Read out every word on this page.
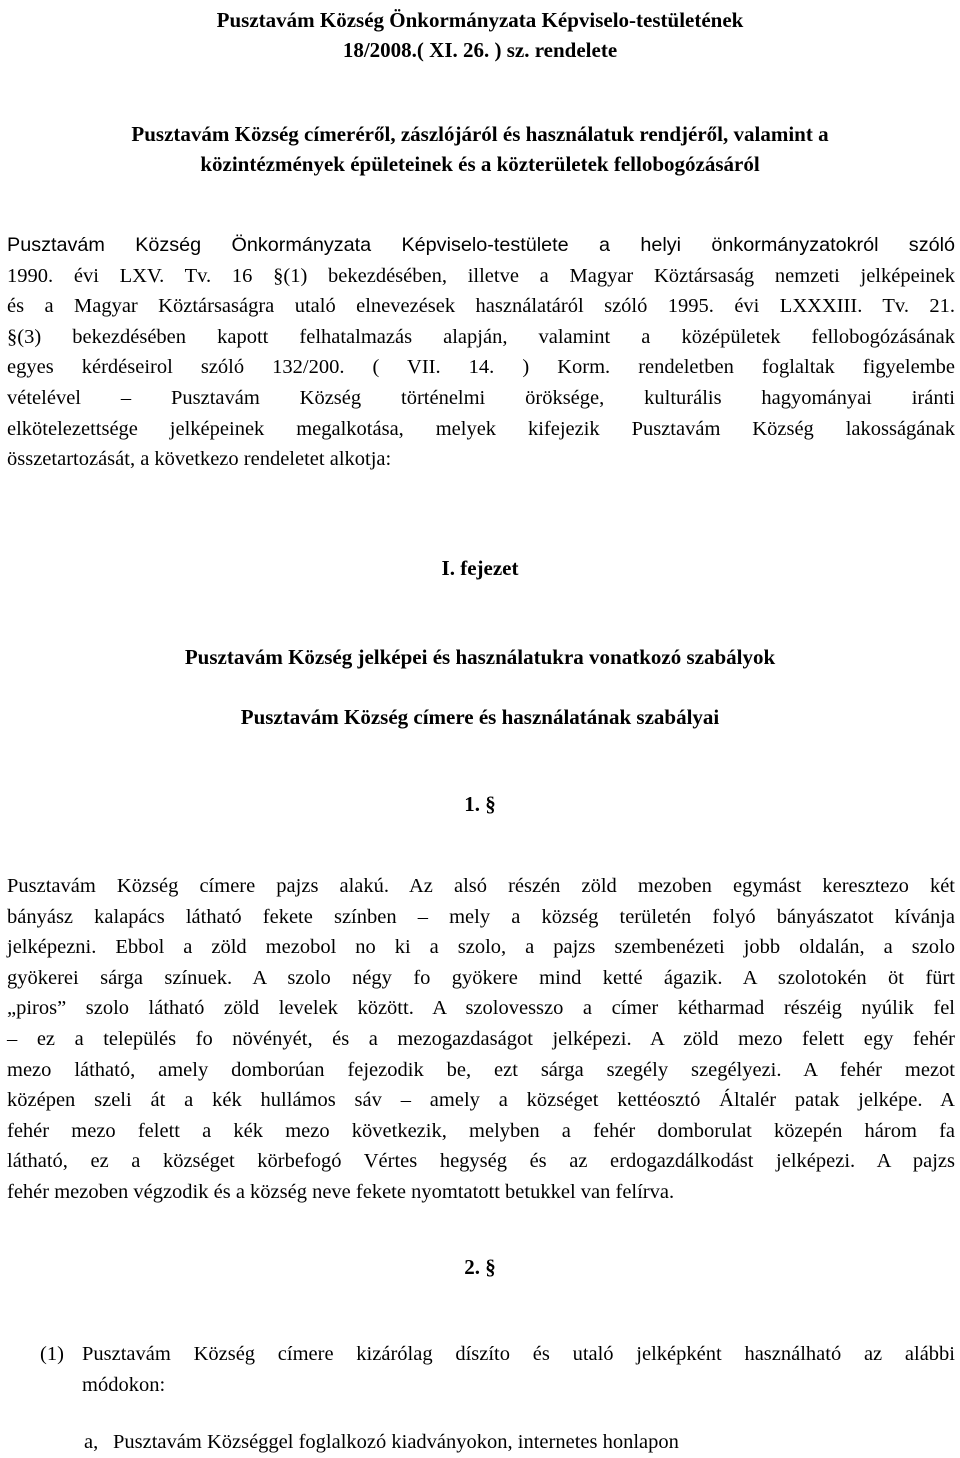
Pusztavám Község Önkormányzata Képviselo-testületének

18/2008.( XI. 26. ) sz. rendelete

Pusztavám Község címeréről, zászlójáról és használatuk rendjéről, valamint a

közintézmények épületeinek és a közterületek fellobogózásáról

Pusztavám Község Önkormányzata Képviselo-testülete a helyi önkormányzatokról szóló
1990. évi LXV. Tv. 16 §(1) bekezdésében, illetve a Magyar Köztársaság nemzeti jelképeinek
és a Magyar Köztársaságra utaló elnevezések használatáról szóló 1995. évi LXXXIII. Tv. 21.
§(3) bekezdésében kapott felhatalmazás alapján, valamint a középületek fellobogózásának
egyes kérdéseirol szóló 132/200. ( VII. 14. ) Korm. rendeletben foglaltak figyelembe
vételével – Pusztavám Község történelmi öröksége, kulturális hagyományai iránti
elkötelezettsége jelképeinek megalkotása, melyek kifejezik Pusztavám Község lakosságának
összetartozását, a következo rendeletet alkotja:

I. fejezet

Pusztavám Község jelképei és használatukra vonatkozó szabályok

Pusztavám Község címere és használatának szabályai

1. §

Pusztavám Község címere pajzs alakú. Az alsó részén zöld mezoben egymást keresztezo két
bányász kalapács látható fekete színben – mely a község területén folyó bányászatot kívánja
jelképezni. Ebbol a zöld mezobol no ki a szolo, a pajzs szembenézeti jobb oldalán, a szolo
gyökerei sárga színuek. A szolo négy fo gyökere mind ketté ágazik. A szolotokén öt fürt
„piros” szolo látható zöld levelek között. A szolovesszo a címer kétharmad részéig nyúlik fel
– ez a település fo növényét, és a mezogazdaságot jelképezi. A zöld mezo felett egy fehér
mezo látható, amely domborúan fejezodik be, ezt sárga szegély szegélyezi. A fehér mezot
középen szeli át a kék hullámos sáv – amely a községet kettéosztó Általér patak jelképe. A
fehér mezo felett a kék mezo következik, melyben a fehér domborulat közepén három fa
látható, ez a községet körbefogó Vértes hegység és az erdogazdálkodást jelképezi. A pajzs
fehér mezoben végzodik és a község neve fekete nyomtatott betukkel van felírva.

2. §

(1) Pusztavám Község címere kizárólag díszíto és utaló jelképként használható az alábbi
módokon:
a, Pusztavám Községgel foglalkozó kiadványokon, internetes honlapon
